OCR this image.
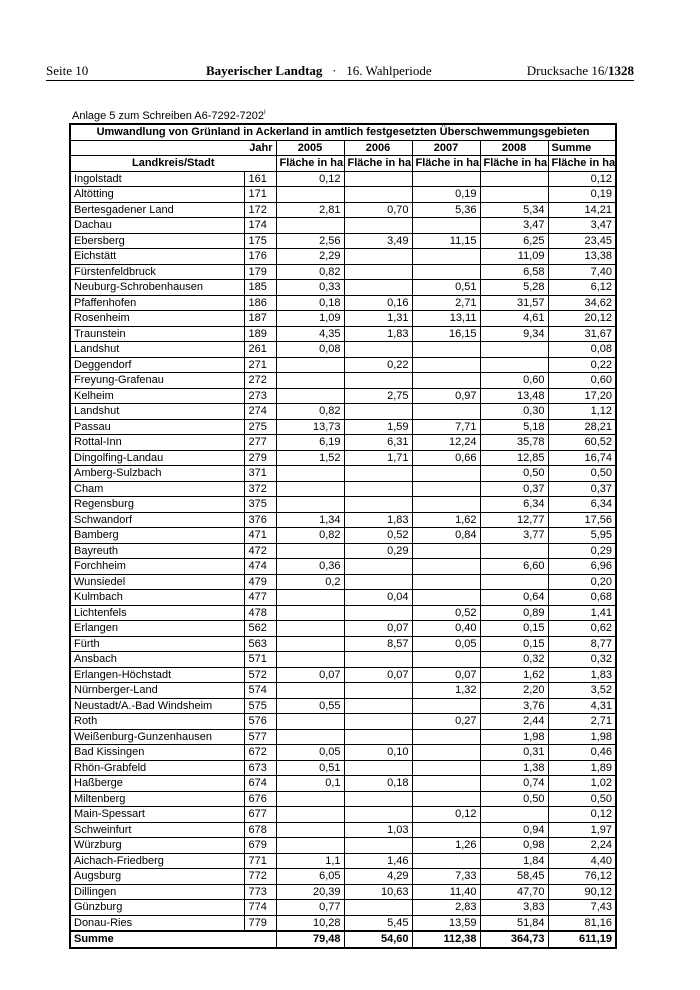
Seite 10	Bayerischer Landtag   ·   16. Wahlperiode	Drucksache 16/1328
Anlage 5 zum Schreiben $A6-7292-7202^I$
Umwandlung von Grünland in Ackerland in amtlich festgesetzten Überschwemmungsgebieten						
	Jahr	2005	2006	2007	2008	Summe
Landkreis/Stadt		Fläche in ha	Fläche in ha	Fläche in ha	Fläche in ha	Fläche in ha
Ingolstadt	161	0,12				0,12
Altötting	171			0,19		0,19
Bertesgadener Land	172	2,81	0,70	5,36	5,34	14,21
Dachau	174				3,47	3,47
Ebersberg	175	2,56	3,49	11,15	6,25	23,45
Eichstätt	176	2,29			11,09	13,38
Fürstenfeldbruck	179	0,82			6,58	7,40
Neuburg-Schrobenhausen	185	0,33		0,51	5,28	6,12
Pfaffenhofen	186	0,18	0,16	2,71	31,57	34,62
Rosenheim	187	1,09	1,31	13,11	4,61	20,12
Traunstein	189	4,35	1,83	16,15	9,34	31,67
Landshut	261	0,08				0,08
Deggendorf	271		0,22			0,22
Freyung-Grafenau	272				0,60	0,60
Kelheim	273		2,75	0,97	13,48	17,20
Landshut	274	0,82			0,30	1,12
Passau	275	13,73	1,59	7,71	5,18	28,21
Rottal-Inn	277	6,19	6,31	12,24	35,78	60,52
Dingolfing-Landau	279	1,52	1,71	0,66	12,85	16,74
Amberg-Sulzbach	371				0,50	0,50
Cham	372				0,37	0,37
Regensburg	375				6,34	6,34
Schwandorf	376	1,34	1,83	1,62	12,77	17,56
Bamberg	471	0,82	0,52	0,84	3,77	5,95
Bayreuth	472		0,29			0,29
Forchheim	474	0,36			6,60	6,96
Wunsiedel	479	0,2				0,20
Kulmbach	477		0,04		0,64	0,68
Lichtenfels	478			0,52	0,89	1,41
Erlangen	562		0,07	0,40	0,15	0,62
Fürth	563		8,57	0,05	0,15	8,77
Ansbach	571				0,32	0,32
Erlangen-Höchstadt	572	0,07	0,07	0,07	1,62	1,83
Nürnberger-Land	574			1,32	2,20	3,52
Neustadt/A.-Bad Windsheim	575	0,55			3,76	4,31
Roth	576			0,27	2,44	2,71
Weißenburg-Gunzenhausen	577				1,98	1,98
Bad Kissingen	672	0,05	0,10		0,31	0,46
Rhön-Grabfeld	673	0,51			1,38	1,89
Haßberge	674	0,1	0,18		0,74	1,02
Miltenberg	676				0,50	0,50
Main-Spessart	677			0,12		0,12
Schweinfurt	678		1,03		0,94	1,97
Würzburg	679			1,26	0,98	2,24
Aichach-Friedberg	771	1,1	1,46		1,84	4,40
Augsburg	772	6,05	4,29	7,33	58,45	76,12
Dillingen	773	20,39	10,63	11,40	47,70	90,12
Günzburg	774	0,77		2,83	3,83	7,43
Donau-Ries	779	10,28	5,45	13,59	51,84	81,16
Summe		79,48	54,60	112,38	364,73	611,19
